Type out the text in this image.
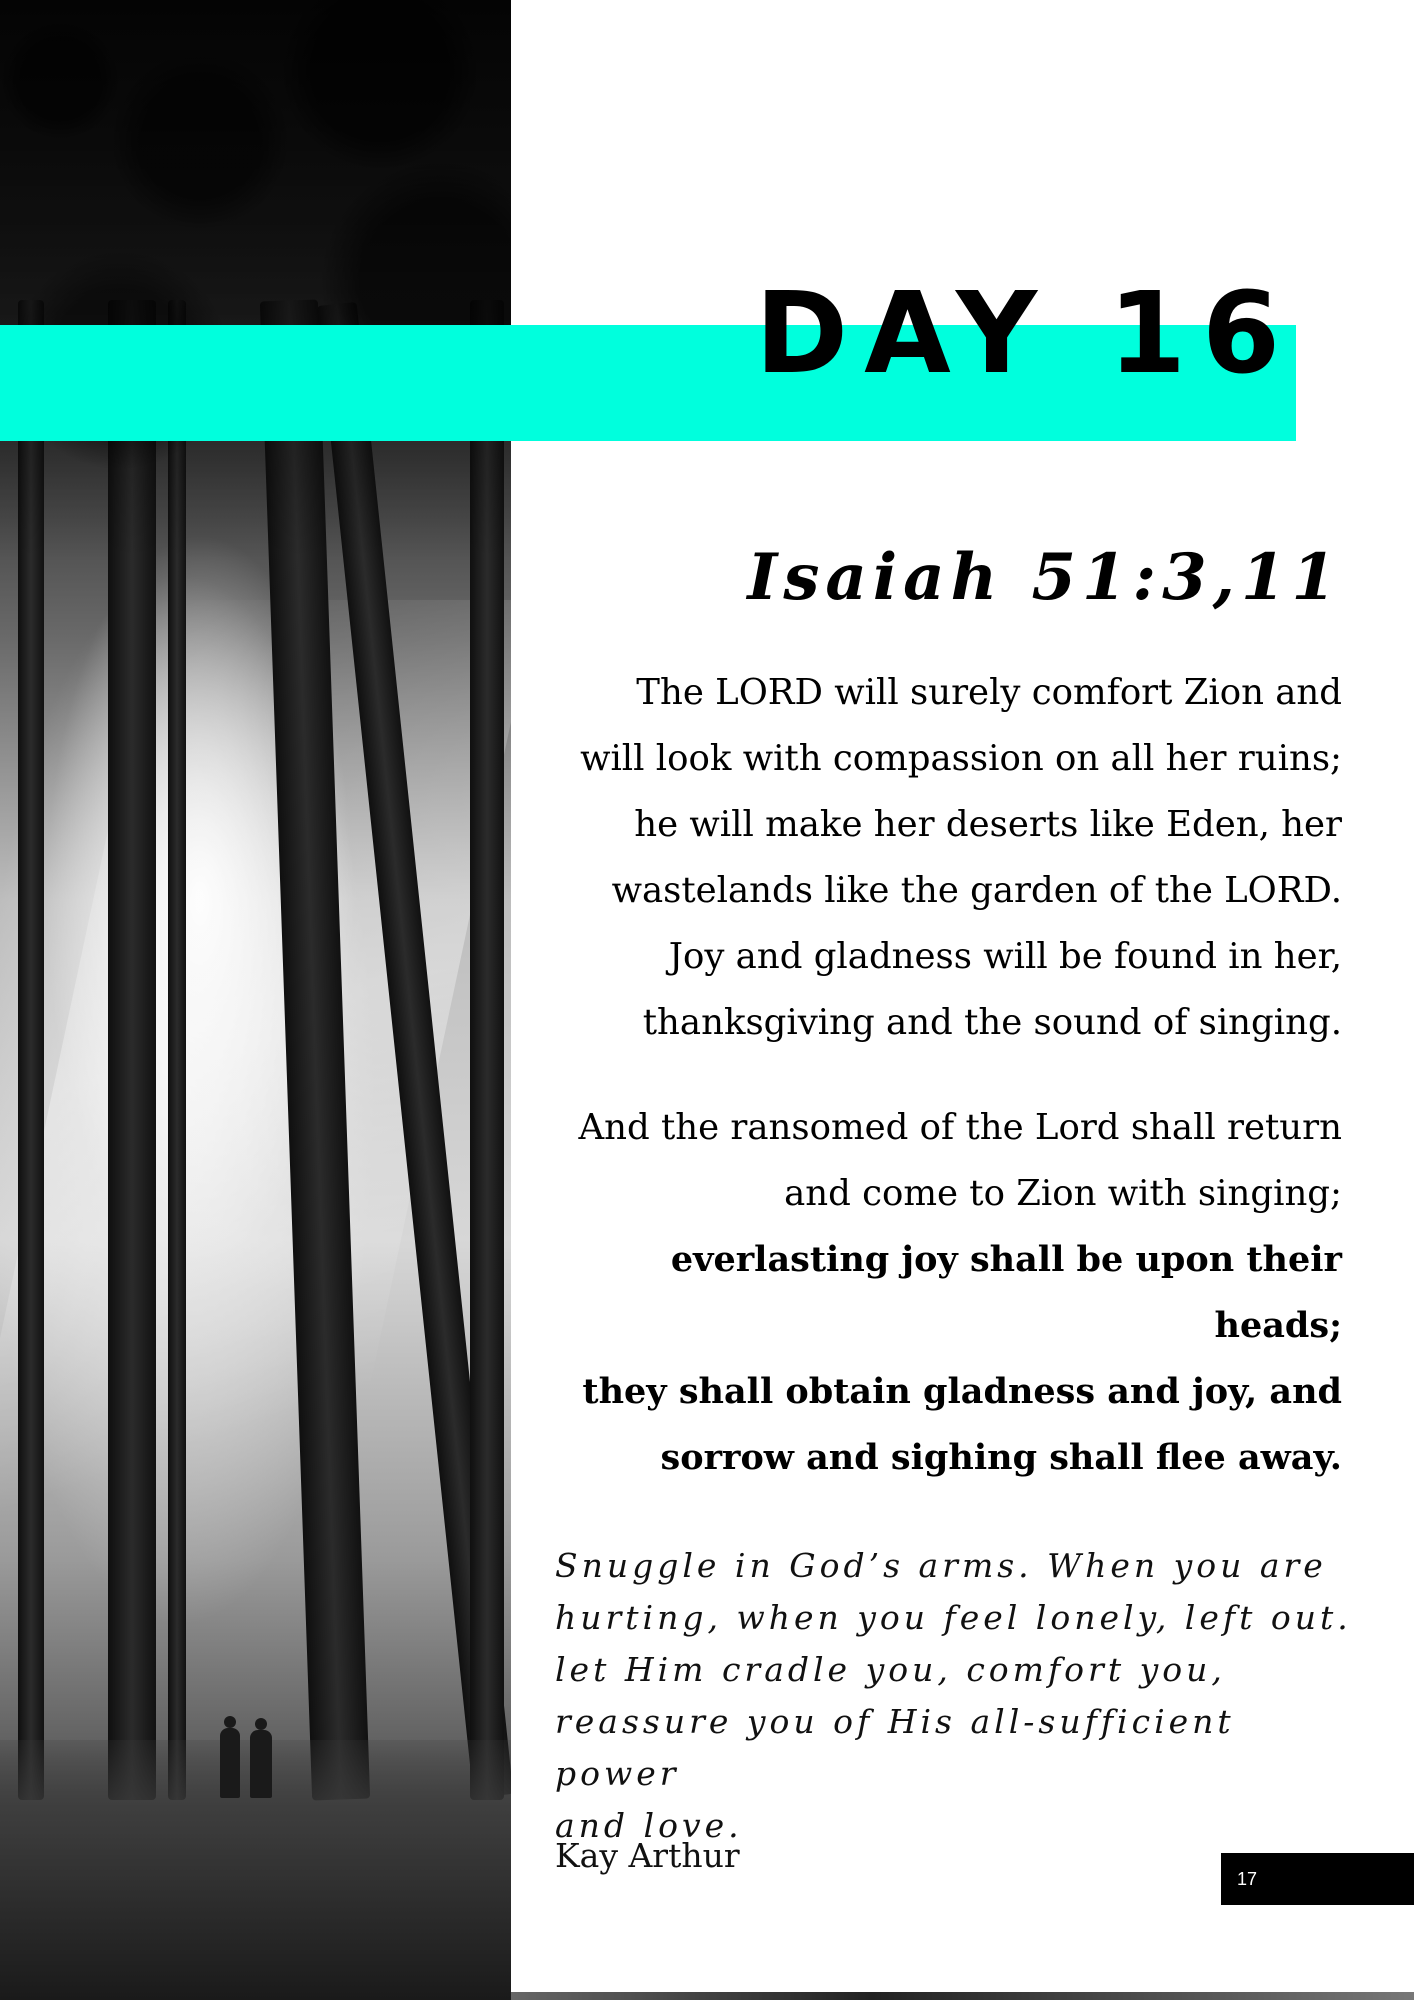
DAY 16
Isaiah 51:3,11
The LORD will surely comfort Zion and
will look with compassion on all her ruins;
he will make her deserts like Eden, her
wastelands like the garden of the LORD.
Joy and gladness will be found in her,
thanksgiving and the sound of singing.
And the ransomed of the Lord shall return
and come to Zion with singing;
everlasting joy shall be upon their heads;
they shall obtain gladness and joy, and
sorrow and sighing shall flee away.
Snuggle in God’s arms. When you are
hurting, when you feel lonely, left out.
let Him cradle you, comfort you,
reassure you of His all-sufficient power
and love.

Kay Arthur

17
